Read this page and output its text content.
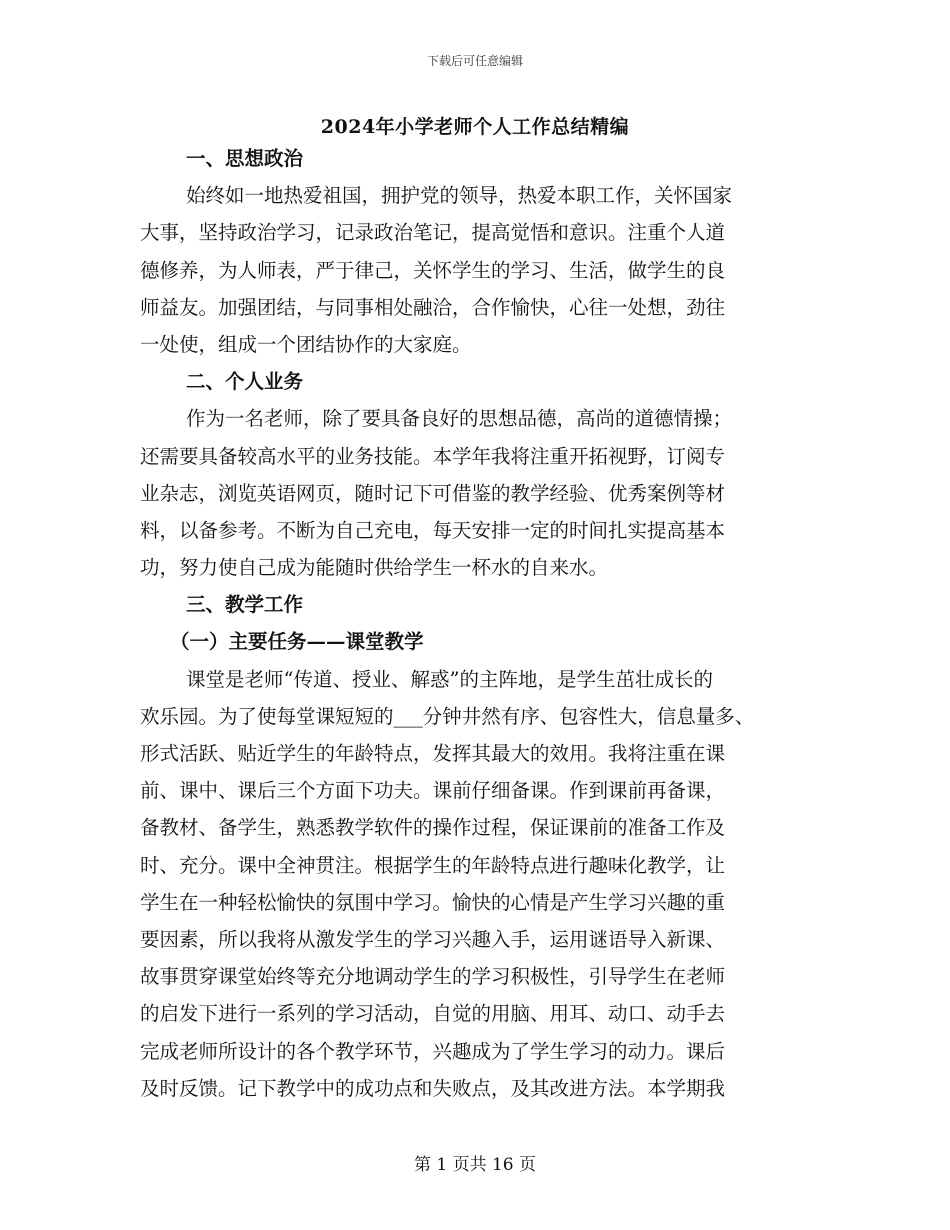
下载后可任意编辑
2024年小学老师个人工作总结精编
一、思想政治
始终如一地热爱祖国，拥护党的领导，热爱本职工作，关怀国家
大事，坚持政治学习，记录政治笔记，提高觉悟和意识。注重个人道
德修养，为人师表，严于律己，关怀学生的学习、生活，做学生的良
师益友。加强团结，与同事相处融洽，合作愉快，心往一处想，劲往
一处使，组成一个团结协作的大家庭。
二、个人业务
作为一名老师，除了要具备良好的思想品德，高尚的道德情操；
还需要具备较高水平的业务技能。本学年我将注重开拓视野，订阅专
业杂志，浏览英语网页，随时记下可借鉴的教学经验、优秀案例等材
料，以备参考。不断为自己充电，每天安排一定的时间扎实提高基本
功，努力使自己成为能随时供给学生一杯水的自来水。
三、教学工作
（一）主要任务——课堂教学
课堂是老师“传道、授业、解惑”的主阵地，是学生茁壮成长的
欢乐园。为了使每堂课短短的___分钟井然有序、包容性大，信息量多、
形式活跃、贴近学生的年龄特点，发挥其最大的效用。我将注重在课
前、课中、课后三个方面下功夫。课前仔细备课。作到课前再备课，
备教材、备学生，熟悉教学软件的操作过程，保证课前的准备工作及
时、充分。课中全神贯注。根据学生的年龄特点进行趣味化教学，让
学生在一种轻松愉快的氛围中学习。愉快的心情是产生学习兴趣的重
要因素，所以我将从激发学生的学习兴趣入手，运用谜语导入新课、
故事贯穿课堂始终等充分地调动学生的学习积极性，引导学生在老师
的启发下进行一系列的学习活动，自觉的用脑、用耳、动口、动手去
完成老师所设计的各个教学环节，兴趣成为了学生学习的动力。课后
及时反馈。记下教学中的成功点和失败点，及其改进方法。本学期我
第 1 页共 16 页
